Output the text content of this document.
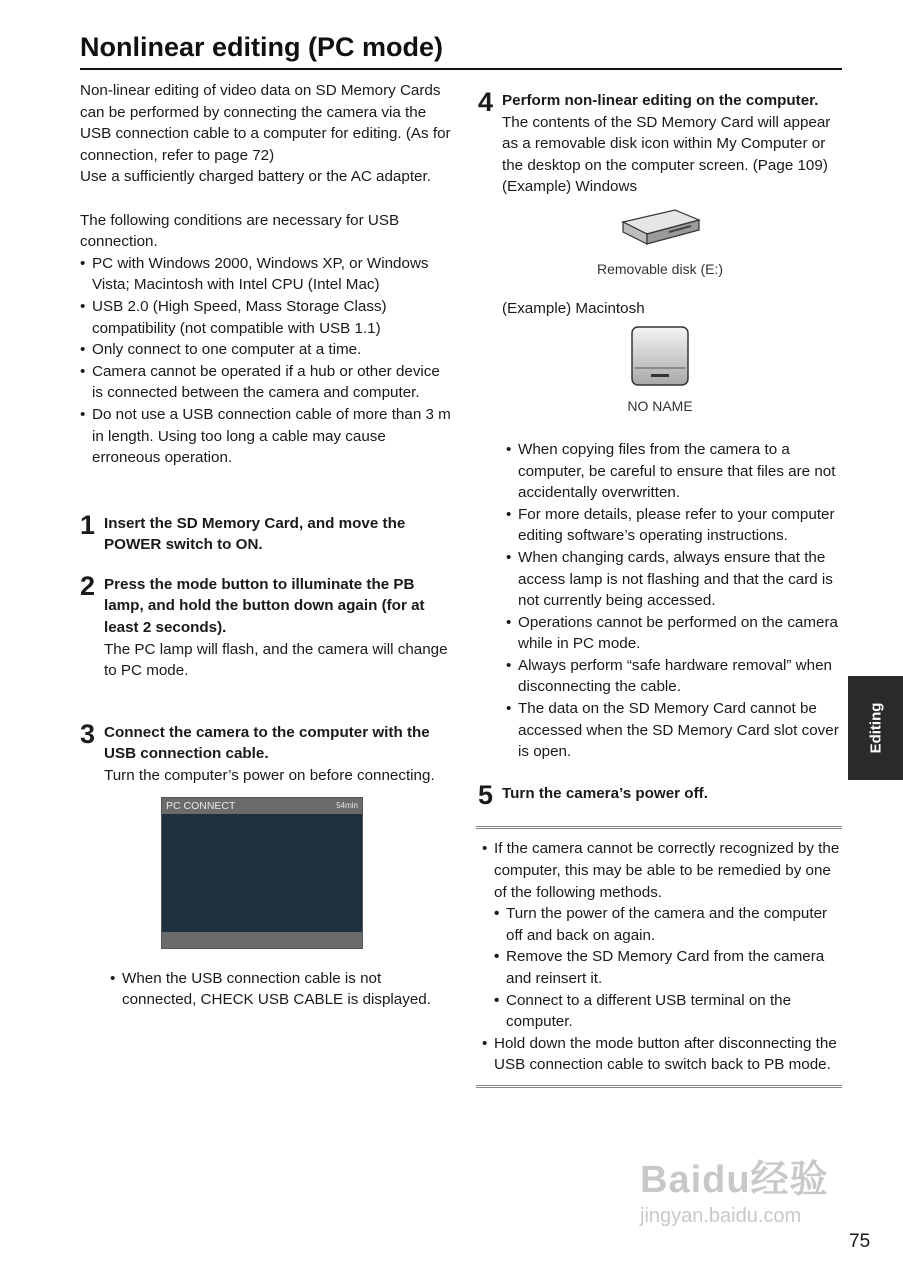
Nonlinear editing (PC mode)

Non-linear editing of video data on SD Memory Cards can be performed by connecting the camera via the USB connection cable to a computer for editing. (As for connection, refer to page 72)

Use a sufficiently charged battery or the AC adapter.

The following conditions are necessary for USB connection.

• PC with Windows 2000, Windows XP, or Windows Vista; Macintosh with Intel CPU (Intel Mac)
• USB 2.0 (High Speed, Mass Storage Class) compatibility (not compatible with USB 1.1)
• Only connect to one computer at a time.
• Camera cannot be operated if a hub or other device is connected between the camera and computer.
• Do not use a USB connection cable of more than 3 m in length. Using too long a cable may cause erroneous operation.
1 Insert the SD Memory Card, and move the POWER switch to ON.
2 Press the mode button to illuminate the PB lamp, and hold the button down again (for at least 2 seconds).
The PC lamp will flash, and the camera will change to PC mode.
3 Connect the camera to the computer with the USB connection cable.
Turn the computer’s power on before connecting.
PC CONNECT	54min
• When the USB connection cable is not connected, CHECK USB CABLE is displayed.
4 Perform non-linear editing on the computer.
The contents of the SD Memory Card will appear as a removable disk icon within My Computer or the desktop on the computer screen. (Page 109)
(Example) Windows
Removable disk (E:)
(Example) Macintosh
NO NAME
• When copying files from the camera to a computer, be careful to ensure that files are not accidentally overwritten.
• For more details, please refer to your computer editing software’s operating instructions.
• When changing cards, always ensure that the access lamp is not flashing and that the card is not currently being accessed.
• Operations cannot be performed on the camera while in PC mode.
• Always perform “safe hardware removal” when disconnecting the cable.
• The data on the SD Memory Card cannot be accessed when the SD Memory Card slot cover is open.
5 Turn the camera’s power off.
• If the camera cannot be correctly recognized by the computer, this may be able to be remedied by one of the following methods.
• Turn the power of the camera and the computer off and back on again.
• Remove the SD Memory Card from the camera and reinsert it.
• Connect to a different USB terminal on the computer.
• Hold down the mode button after disconnecting the USB connection cable to switch back to PB mode.
Editing
Baidu经验
jingyan.baidu.com
75
